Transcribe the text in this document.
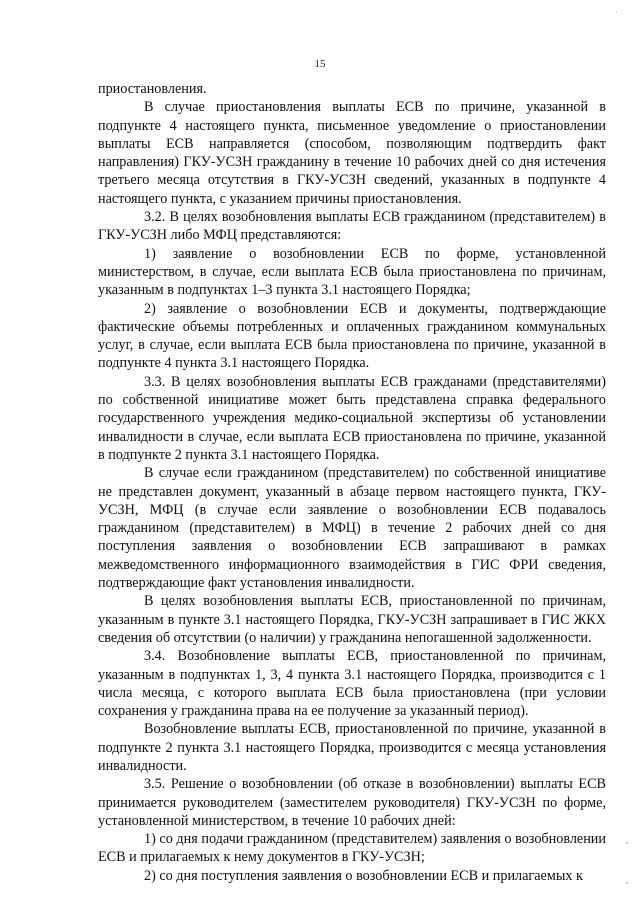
·
15

приостановления.

В случае приостановления выплаты ЕСВ по причине, указанной в подпункте 4 настоящего пункта, письменное уведомление о приостановлении выплаты ЕСВ направляется (способом, позволяющим подтвердить факт направления) ГКУ-УСЗН гражданину в течение 10 рабочих дней со дня истечения третьего месяца отсутствия в ГКУ-УСЗН сведений, указанных в подпункте 4 настоящего пункта, с указанием причины приостановления.

3.2. В целях возобновления выплаты ЕСВ гражданином (представителем) в ГКУ-УСЗН либо МФЦ представляются:

1) заявление о возобновлении ЕСВ по форме, установленной министерством, в случае, если выплата ЕСВ была приостановлена по причинам, указанным в подпунктах 1–3 пункта 3.1 настоящего Порядка;

2) заявление о возобновлении ЕСВ и документы, подтверждающие фактические объемы потребленных и оплаченных гражданином коммунальных услуг, в случае, если выплата ЕСВ была приостановлена по причине, указанной в подпункте 4 пункта 3.1 настоящего Порядка.

3.3. В целях возобновления выплаты ЕСВ гражданами (представителями) по собственной инициативе может быть представлена справка федерального государственного учреждения медико-социальной экспертизы об установлении инвалидности в случае, если выплата ЕСВ приостановлена по причине, указанной в подпункте 2 пункта 3.1 настоящего Порядка.

В случае если гражданином (представителем) по собственной инициативе не представлен документ, указанный в абзаце первом настоящего пункта, ГКУ-УСЗН, МФЦ (в случае если заявление о возобновлении ЕСВ подавалось гражданином (представителем) в МФЦ) в течение 2 рабочих дней со дня поступления заявления о возобновлении ЕСВ запрашивают в рамках межведомственного информационного взаимодействия в ГИС ФРИ сведения, подтверждающие факт установления инвалидности.

В целях возобновления выплаты ЕСВ, приостановленной по причинам, указанным в пункте 3.1 настоящего Порядка, ГКУ-УСЗН запрашивает в ГИС ЖКХ сведения об отсутствии (о наличии) у гражданина непогашенной задолженности.

3.4. Возобновление выплаты ЕСВ, приостановленной по причинам, указанным в подпунктах 1, 3, 4 пункта 3.1 настоящего Порядка, производится с 1 числа месяца, с которого выплата ЕСВ была приостановлена (при условии сохранения у гражданина права на ее получение за указанный период).

Возобновление выплаты ЕСВ, приостановленной по причине, указанной в подпункте 2 пункта 3.1 настоящего Порядка, производится с месяца установления инвалидности.

3.5. Решение о возобновлении (об отказе в возобновлении) выплаты ЕСВ принимается руководителем (заместителем руководителя) ГКУ-УСЗН по форме, установленной министерством, в течение 10 рабочих дней:

1) со дня подачи гражданином (представителем) заявления о возобновлении ЕСВ и прилагаемых к нему документов в ГКУ-УСЗН;

2) со дня поступления заявления о возобновлении ЕСВ и прилагаемых к
